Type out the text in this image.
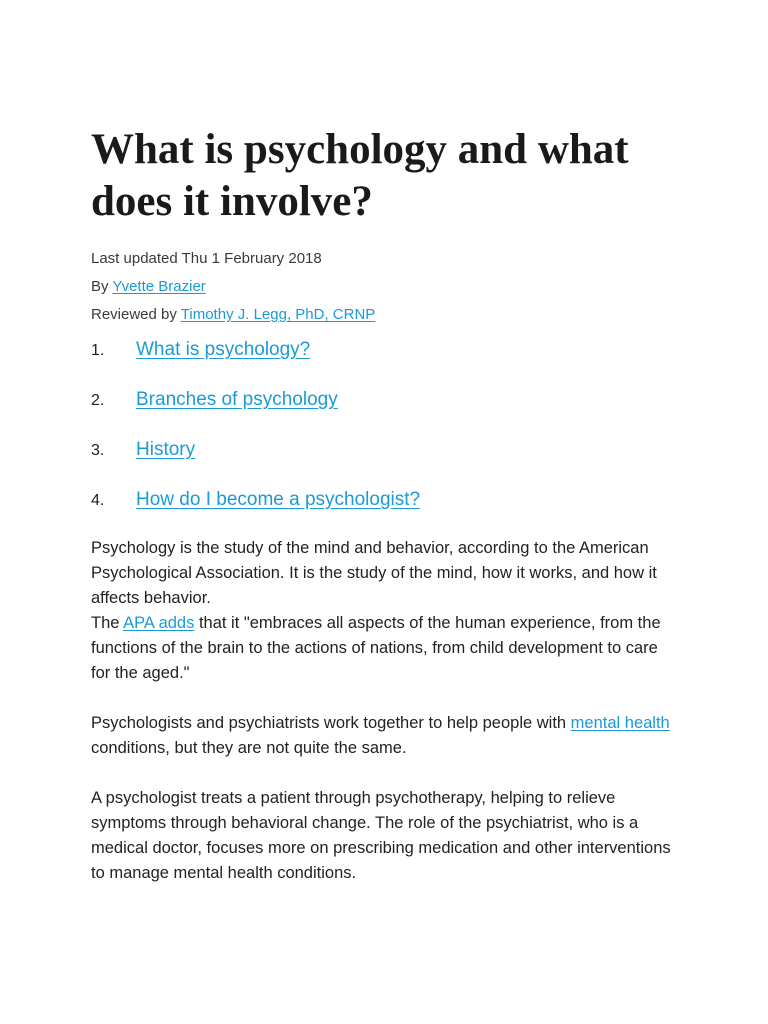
What is psychology and what does it involve?
Last updated Thu 1 February 2018
By Yvette Brazier
Reviewed by Timothy J. Legg, PhD, CRNP
1.	What is psychology?
2.	Branches of psychology
3.	History
4.	How do I become a psychologist?

Psychology is the study of the mind and behavior, according to the American Psychological Association. It is the study of the mind, how it works, and how it affects behavior.

The APA adds that it "embraces all aspects of the human experience, from the functions of the brain to the actions of nations, from child development to care for the aged."

Psychologists and psychiatrists work together to help people with mental health conditions, but they are not quite the same.

A psychologist treats a patient through psychotherapy, helping to relieve symptoms through behavioral change. The role of the psychiatrist, who is a medical doctor, focuses more on prescribing medication and other interventions to manage mental health conditions.
